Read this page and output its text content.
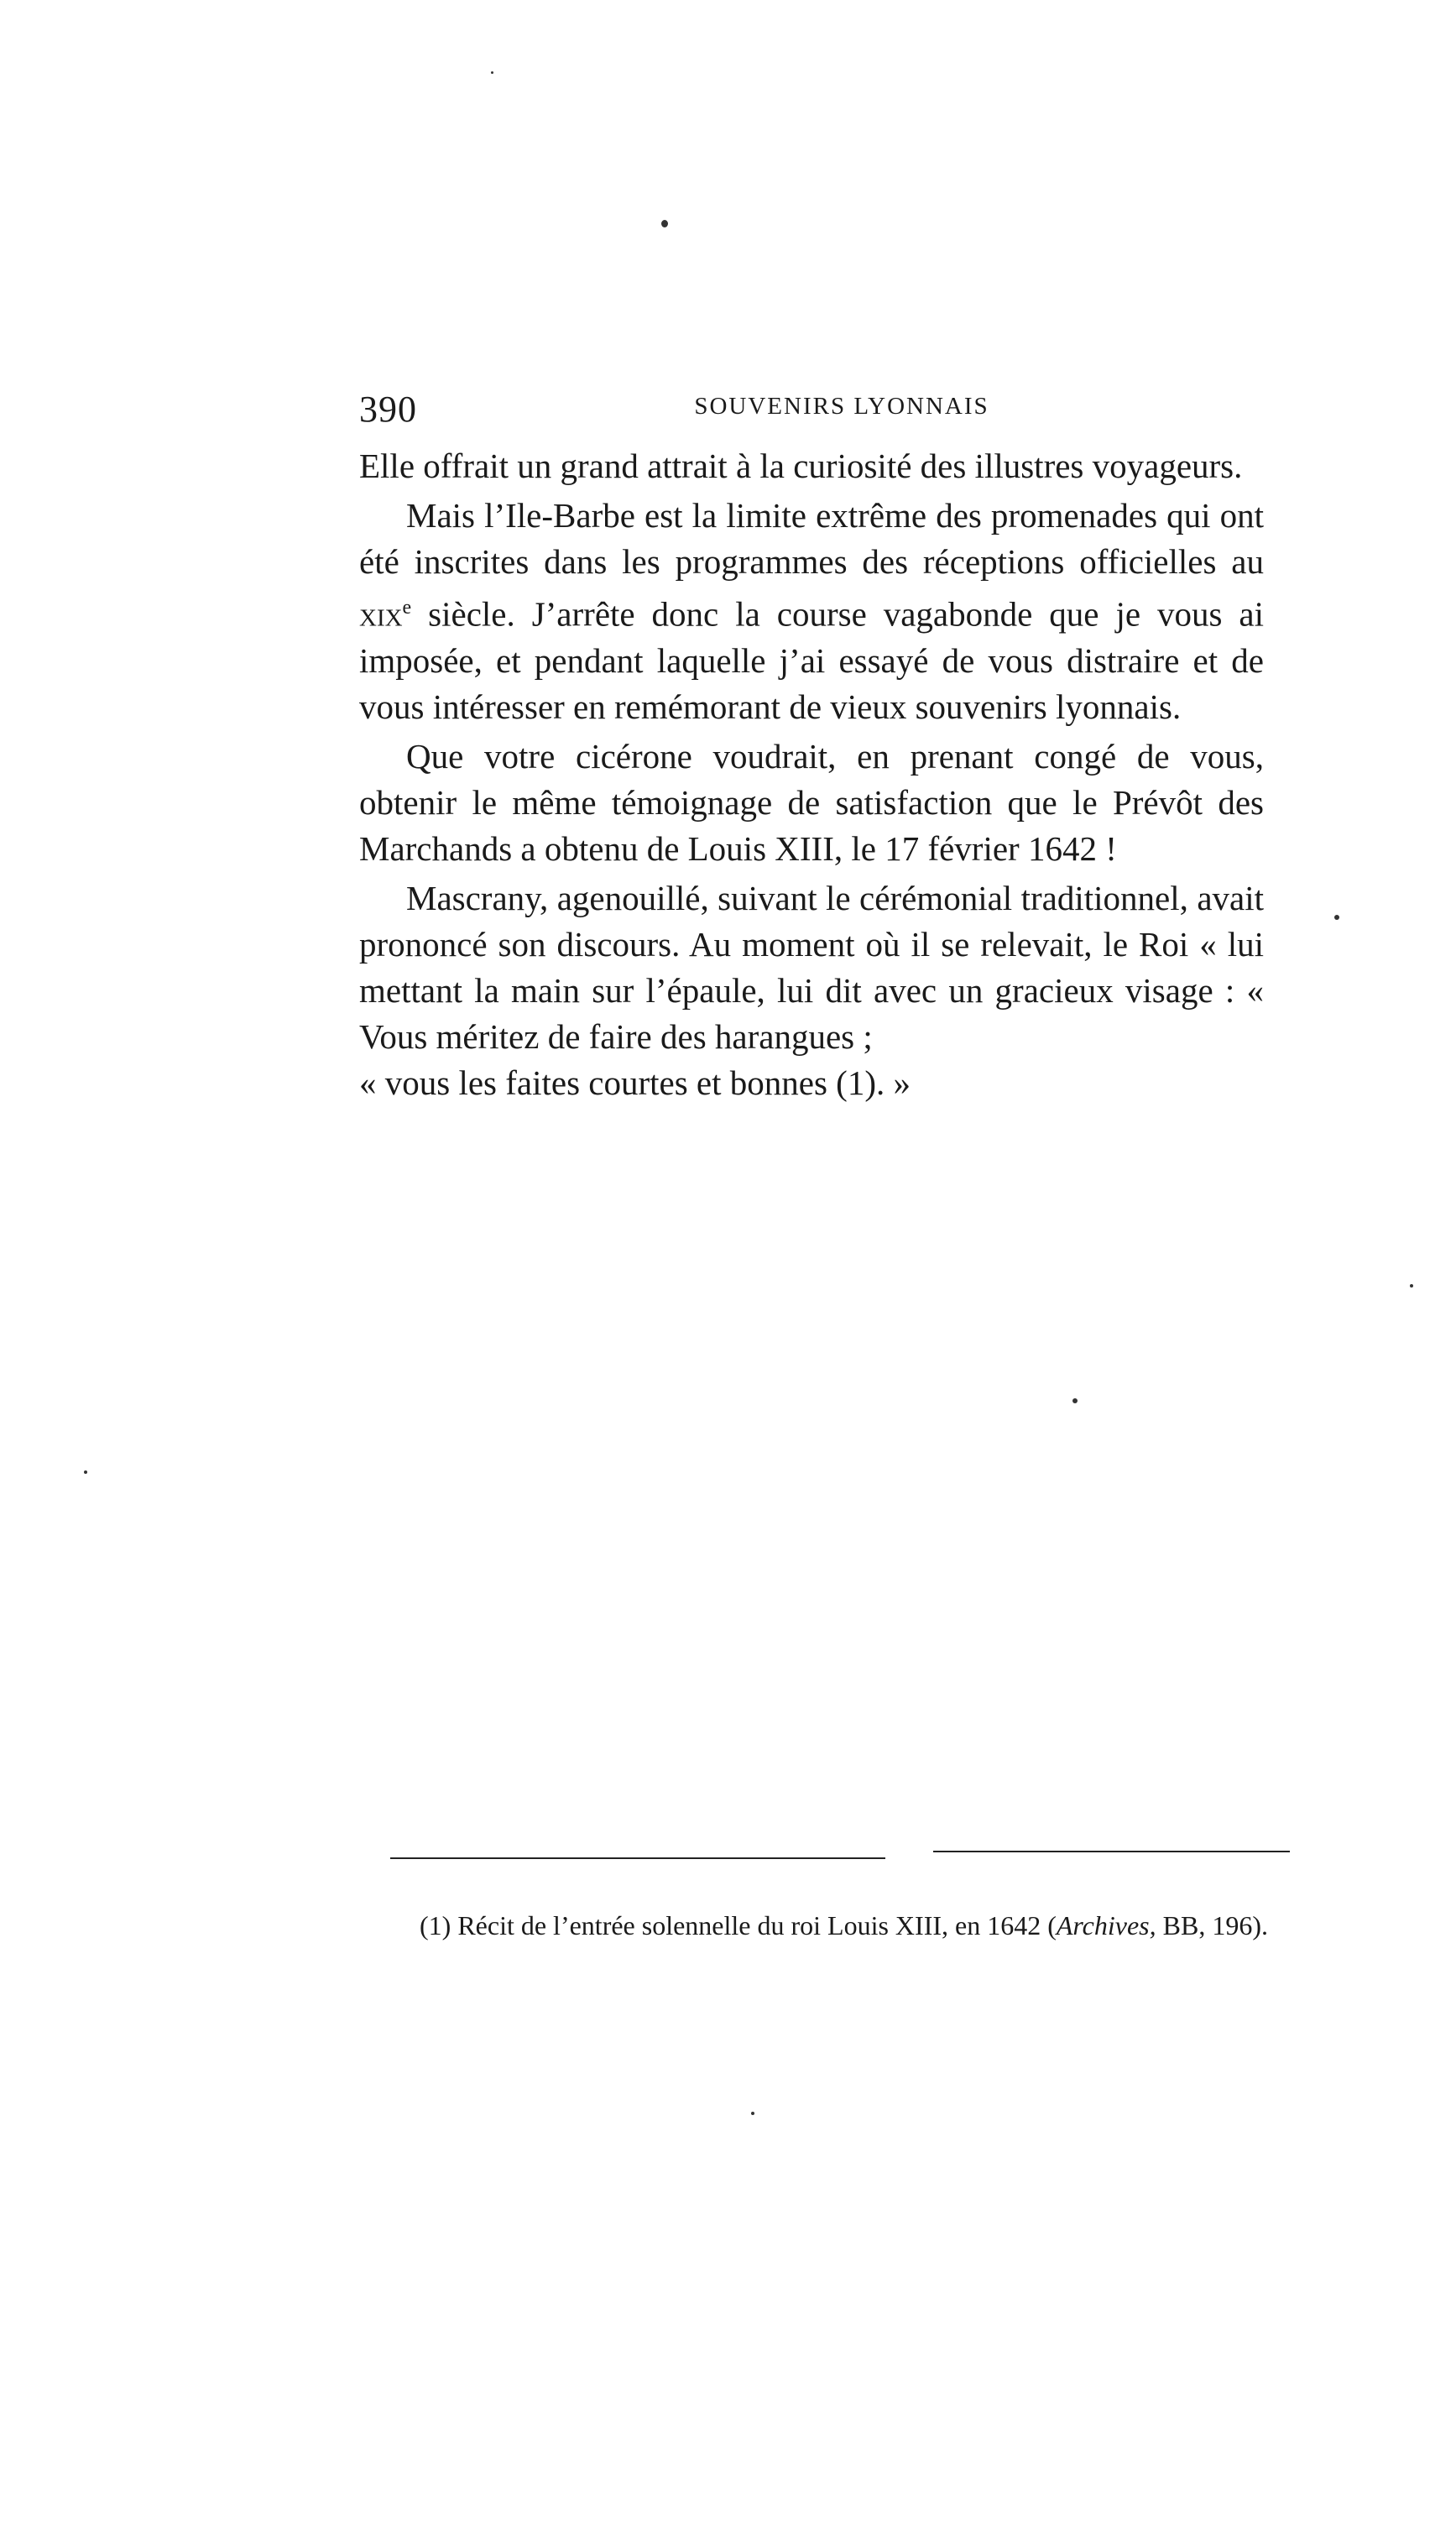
390	SOUVENIRS LYONNAIS

Elle offrait un grand attrait à la curiosité des illustres voyageurs.

Mais l’Ile-Barbe est la limite extrême des promenades qui ont été inscrites dans les programmes des réceptions officielles au xix$^e$ siècle. J’arrête donc la course vagabonde que je vous ai imposée, et pendant laquelle j’ai essayé de vous distraire et de vous intéresser en remémorant de vieux souvenirs lyonnais.

Que votre cicérone voudrait, en prenant congé de vous, obtenir le même témoignage de satisfaction que le Prévôt des Marchands a obtenu de Louis XIII, le 17 février 1642 !

Mascrany, agenouillé, suivant le cérémonial traditionnel, avait prononcé son discours. Au moment où il se relevait, le Roi « lui mettant la main sur l’épaule, lui dit avec un gracieux visage : « Vous méritez de faire des harangues ;
« vous les faites courtes et bonnes (1). »

(1) Récit de l’entrée solennelle du roi Louis XIII, en 1642 (Archives, BB, 196).
